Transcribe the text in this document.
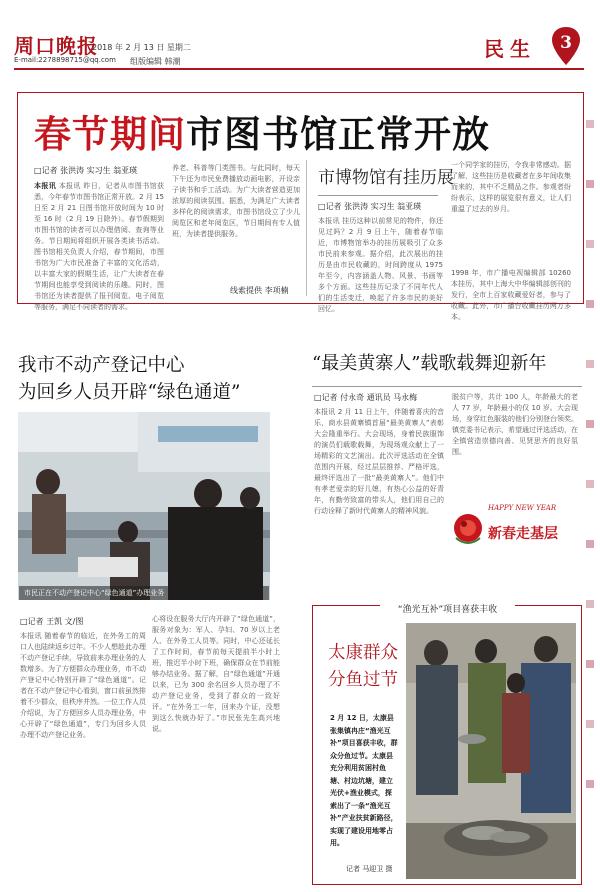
周口晚报
2018 年 2 月 13 日 星期二
E-mail:2278898715@qq.com 组版编辑 韩潮
民生 3
春节期间市图书馆正常开放
□记者 张洪涛 实习生 翁亚瑛
本报讯 本报讯 昨日，记者从市图书馆获悉，今年春节市图书馆正常开放。2 月 15 日至 2 月 21 日图书馆开放时间为 10 时至 16 时（2 月 19 日除外）。春节假期到市图书馆的读者可以办理借阅、查询等业务。节日期间将组织开展各类读书活动。图书馆相关负责人介绍，春节期间，市图书馆为广大市民准备了丰富的文化活动，以丰富大家的假期生活，让广大读者在春节期间也能享受到阅读的乐趣。同时，图书馆还为读者提供了报刊阅览、电子阅览等服务，满足不同读者的需求。
养老、科普等门类图书。与此同时，每天下午还为市民免费播放动画电影，开设亲子读书和手工活动。为广大读者营造更加浓厚的阅读氛围。据悉，为满足广大读者多样化的阅读需求，市图书馆设立了少儿阅览区和老年阅览区，节日期间有专人值班，为读者提供服务。
线索提供 李项楠
市博物馆有挂历展
□记者 张洪涛 实习生 翁亚瑛
本报讯 挂历这种以前常见的物件，你还见过吗？2 月 9 日上午，随着春节临近，市博物馆举办的挂历展吸引了众多市民前来参观。据介绍，此次展出的挂历是由市民收藏的，时间跨度从 1975 年至今，内容涵盖人物、风景、书画等多个方面。这些挂历记录了不同年代人们的生活变迁，唤起了许多市民的美好回忆。
一个同学家的挂历，令我非常感动。据了解，这些挂历是收藏者在多年间收集而来的，其中不乏精品之作。参观者纷纷表示，这样的展览很有意义，让人们重温了过去的岁月。
1998 年，市广播电视编辑部 10260 本挂历，其中上海大中华编辑部创刊的发行，全市上百家收藏爱好者，参与了收藏。此外，市广播台收藏挂历两万多本。
我市不动产登记中心
为回乡人员开辟“绿色通道”
市民正在不动产登记中心“绿色通道”办理业务
□记者 王凯 文/图
本报讯 随着春节的临近，在外务工的周口人也陆续返乡过年。不少人想趁此办理不动产登记手续，导致前来办理业务的人数增多。为了方便群众办理业务，市不动产登记中心特别开辟了“绿色通道”。记者在不动产登记中心看到，窗口前虽然排着不少群众，但秩序井然。一位工作人员介绍说，为了方便回乡人员办理业务，中心开辟了“绿色通道”，专门为回乡人员办理不动产登记业务。
心将设在服务大厅内开辟了“绿色通道”，服务对象为：军人、孕妇、70 岁以上老人、在外务工人员等。同时，中心还延长了工作时间，春节前每天提前半小时上班，推迟半小时下班，确保群众在节前能够办结业务。据了解，自“绿色通道”开通以来，已为 300 余名回乡人员办理了不动产登记业务，受到了群众的一致好评。“在外务工一年，回来办个证，没想到这么快就办好了。”市民张先生高兴地说。
“最美黄寨人”载歌载舞迎新年
□记者 付永奇 通讯员 马永梅
本报讯 2 月 11 日上午，伴随着喜庆的音乐，商水县黄寨镇首届“最美黄寨人”表彰大会隆重举行。大会现场，身着民族服饰的演员们载歌载舞，为现场观众献上了一场精彩的文艺演出。此次评选活动在全镇范围内开展，经过层层推荐、严格评选，最终评选出了一批“最美黄寨人”。他们中有孝老爱亲的好儿媳，有热心公益的好青年，有勤劳致富的带头人，他们用自己的行动诠释了新时代黄寨人的精神风貌。
脱贫户等，共计 100 人，年龄最大的老人 77 岁，年龄最小的仅 10 岁。大会现场，身穿红色服装的他们分别登台领奖。镇党委书记表示，希望通过评选活动，在全镇营造崇德向善、见贤思齐的良好氛围。
HAPPY NEW YEAR
新春走基层
“渔光互补”项目喜获丰收
太康群众
分鱼过节
2 月 12 日，太康县张集镇冉庄“渔光互补”项目喜获丰收，群众分鱼过节。太康县充分利用贫困村鱼塘、村边坑塘，建立光伏+渔业模式，探索出了一条“渔光互补”产业扶贫新路径，实现了建设用地零占用。
记者 马迎卫 摄
